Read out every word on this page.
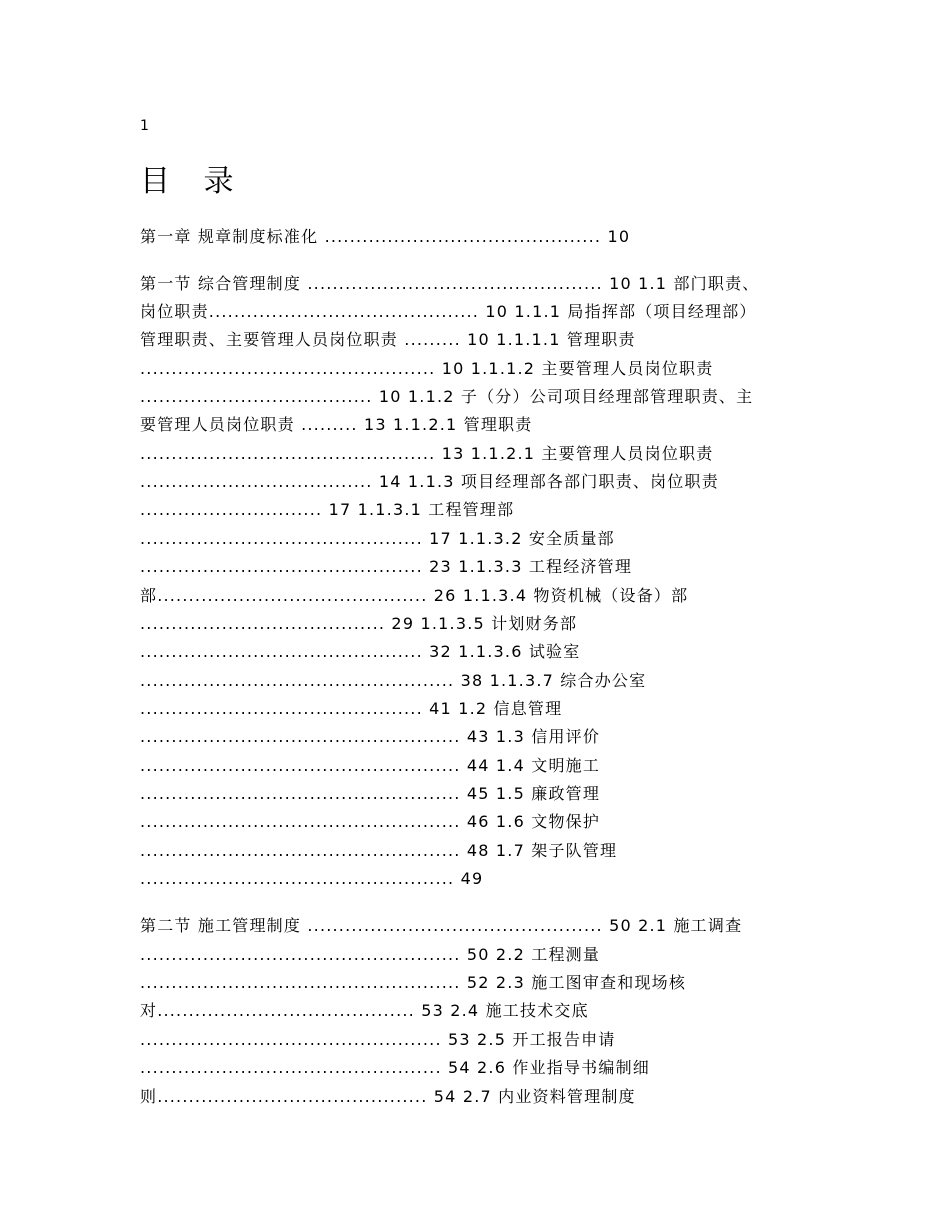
1
目 录
第一章 规章制度标准化 ............................................ 10
第一节 综合管理制度 ............................................... 10 1.1 部门职责、
岗位职责........................................... 10 1.1.1 局指挥部（项目经理部）
管理职责、主要管理人员岗位职责 ......... 10 1.1.1.1 管理职责
............................................... 10 1.1.1.2 主要管理人员岗位职责
..................................... 10 1.1.2 子（分）公司项目经理部管理职责、主
要管理人员岗位职责 ......... 13 1.1.2.1 管理职责
............................................... 13 1.1.2.1 主要管理人员岗位职责
..................................... 14 1.1.3 项目经理部各部门职责、岗位职责
............................. 17 1.1.3.1 工程管理部
............................................. 17 1.1.3.2 安全质量部
............................................. 23 1.1.3.3 工程经济管理
部........................................... 26 1.1.3.4 物资机械（设备）部
....................................... 29 1.1.3.5 计划财务部
............................................. 32 1.1.3.6 试验室
.................................................. 38 1.1.3.7 综合办公室
............................................. 41 1.2 信息管理
................................................... 43 1.3 信用评价
................................................... 44 1.4 文明施工
................................................... 45 1.5 廉政管理
................................................... 46 1.6 文物保护
................................................... 48 1.7 架子队管理
.................................................. 49
第二节 施工管理制度 ............................................... 50 2.1 施工调查
................................................... 50 2.2 工程测量
................................................... 52 2.3 施工图审查和现场核
对......................................... 53 2.4 施工技术交底
................................................ 53 2.5 开工报告申请
................................................ 54 2.6 作业指导书编制细
则........................................... 54 2.7 内业资料管理制度
